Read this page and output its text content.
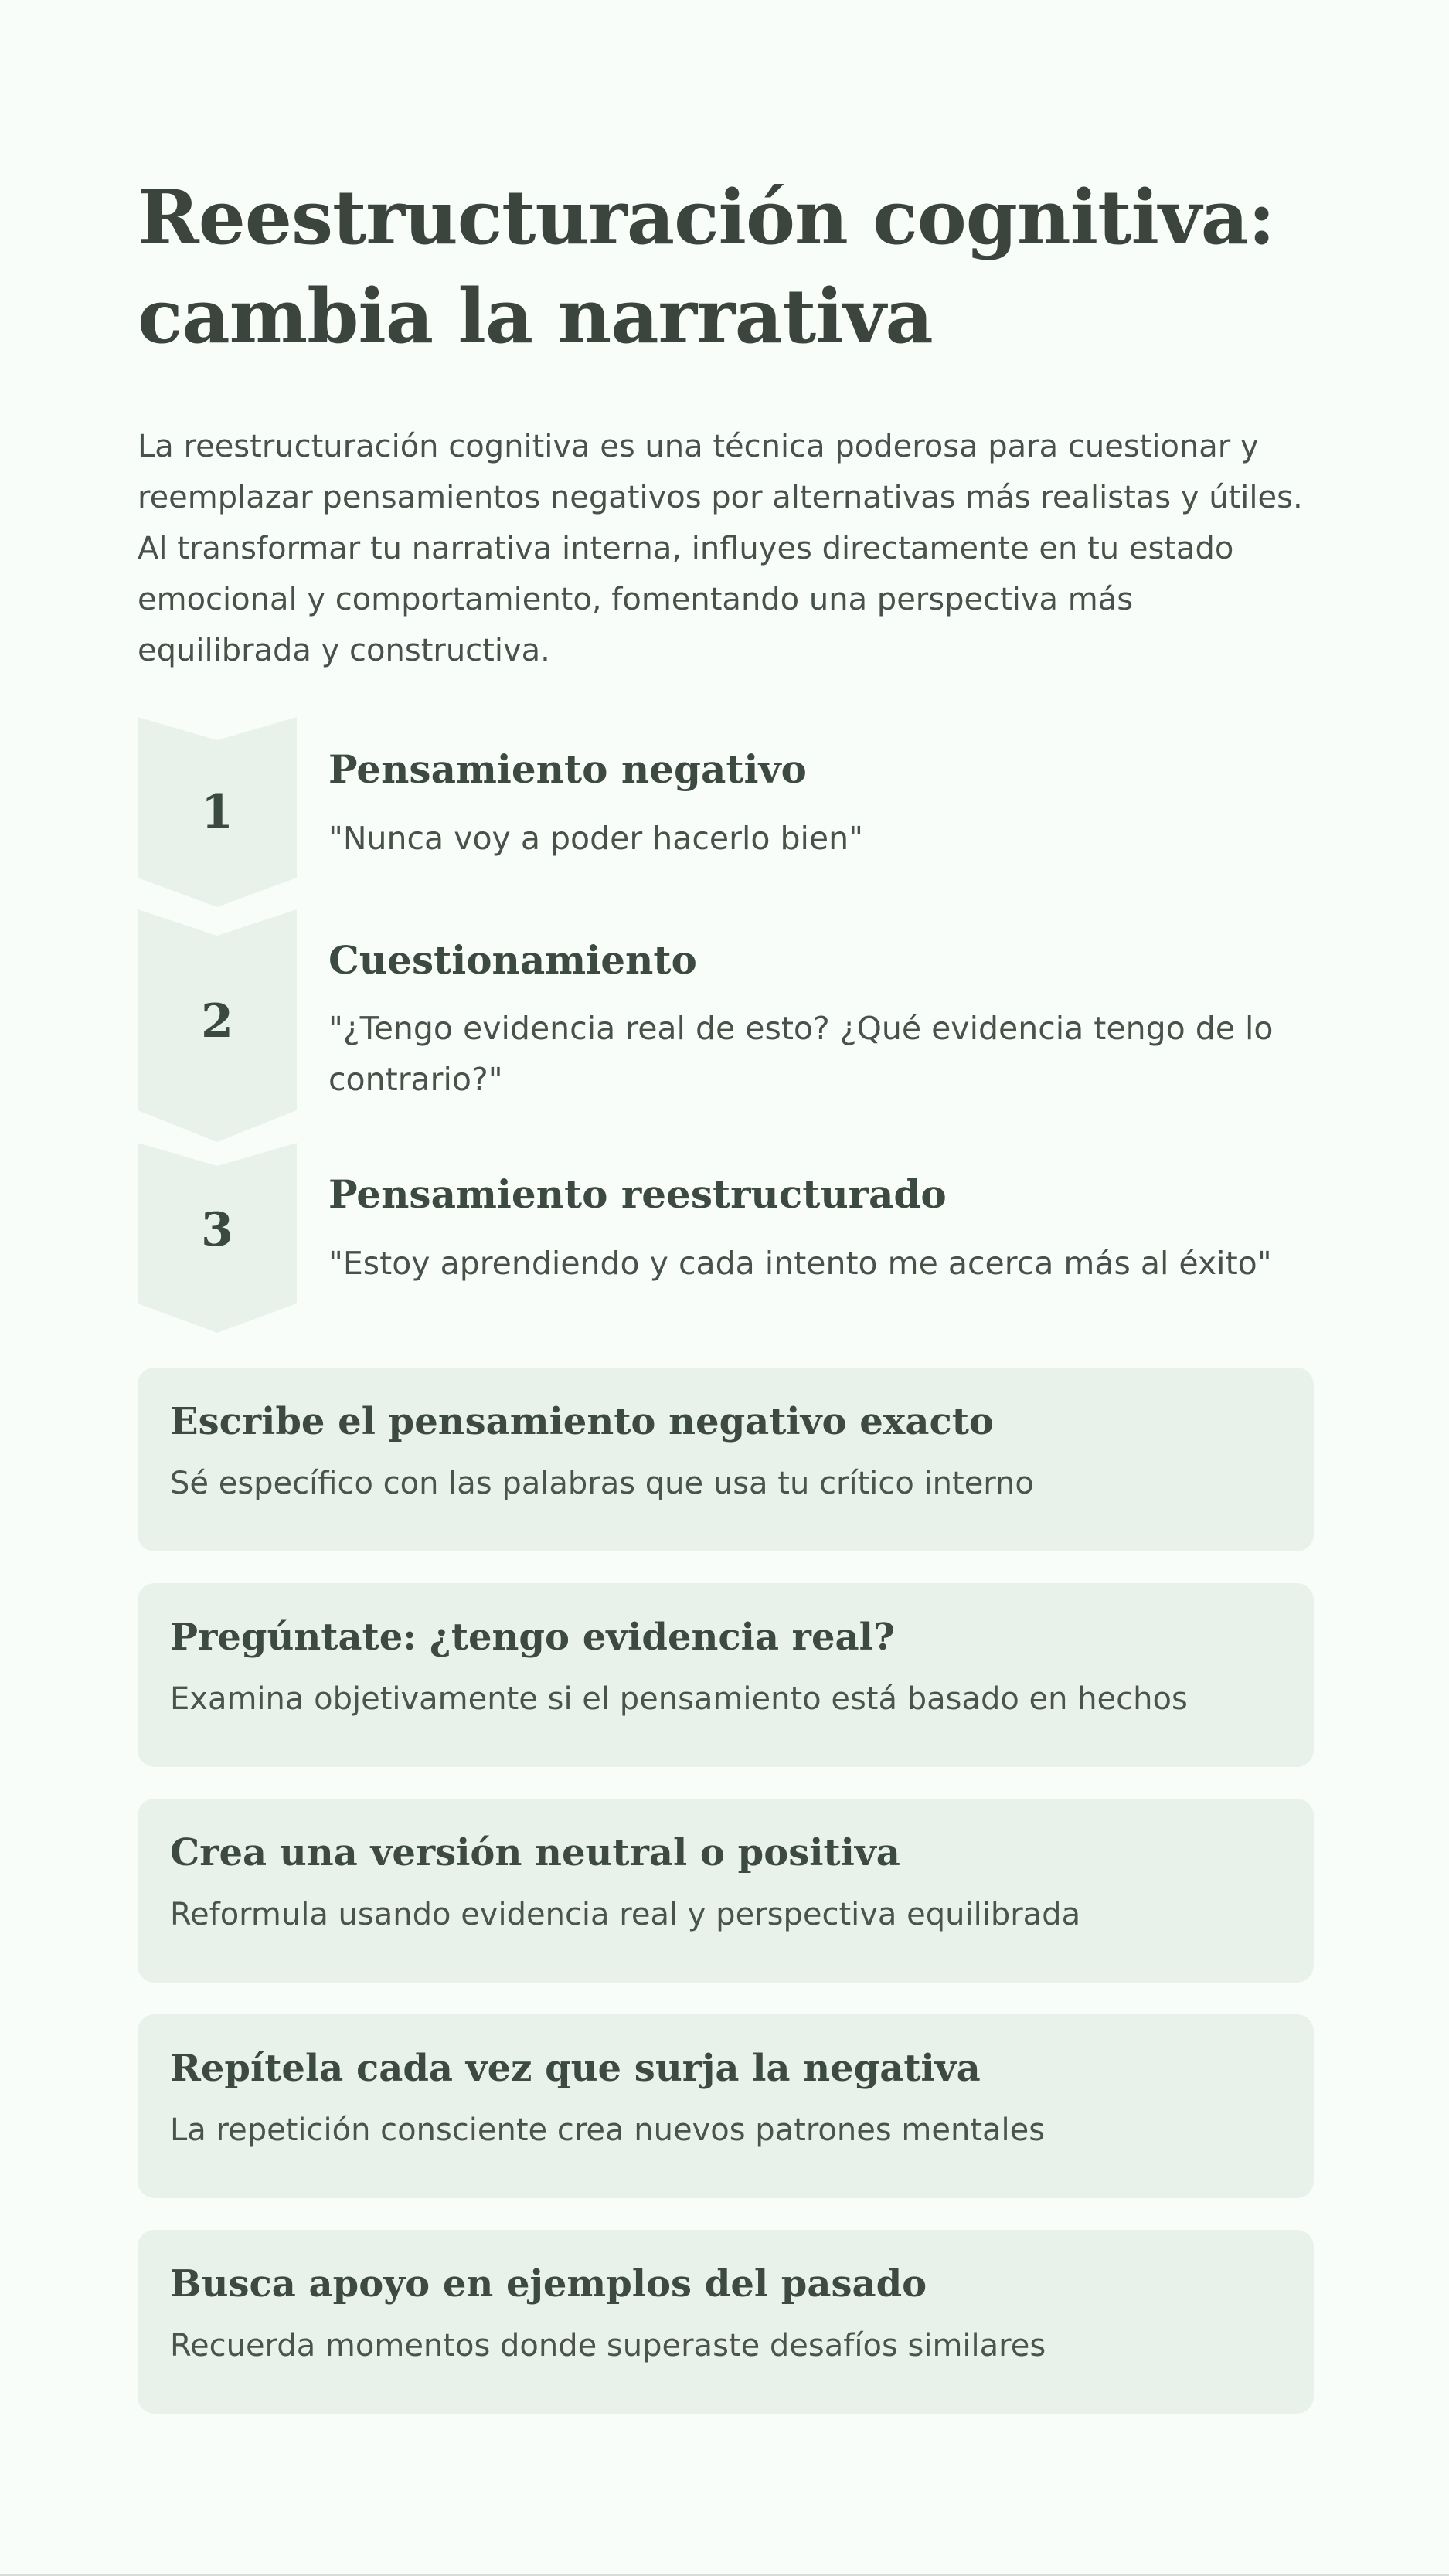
Reestructuración cognitiva:
cambia la narrativa

La reestructuración cognitiva es una técnica poderosa para cuestionar y reemplazar pensamientos negativos por alternativas más realistas y útiles. Al transformar tu narrativa interna, influyes directamente en tu estado emocional y comportamiento, fomentando una perspectiva más equilibrada y constructiva.

1
Pensamiento negativo

"Nunca voy a poder hacerlo bien"

2
Cuestionamiento

"¿Tengo evidencia real de esto? ¿Qué evidencia tengo de lo contrario?"

3
Pensamiento reestructurado

"Estoy aprendiendo y cada intento me acerca más al éxito"

Escribe el pensamiento negativo exacto

Sé específico con las palabras que usa tu crítico interno

Pregúntate: ¿tengo evidencia real?

Examina objetivamente si el pensamiento está basado en hechos

Crea una versión neutral o positiva

Reformula usando evidencia real y perspectiva equilibrada

Repítela cada vez que surja la negativa

La repetición consciente crea nuevos patrones mentales

Busca apoyo en ejemplos del pasado

Recuerda momentos donde superaste desafíos similares
